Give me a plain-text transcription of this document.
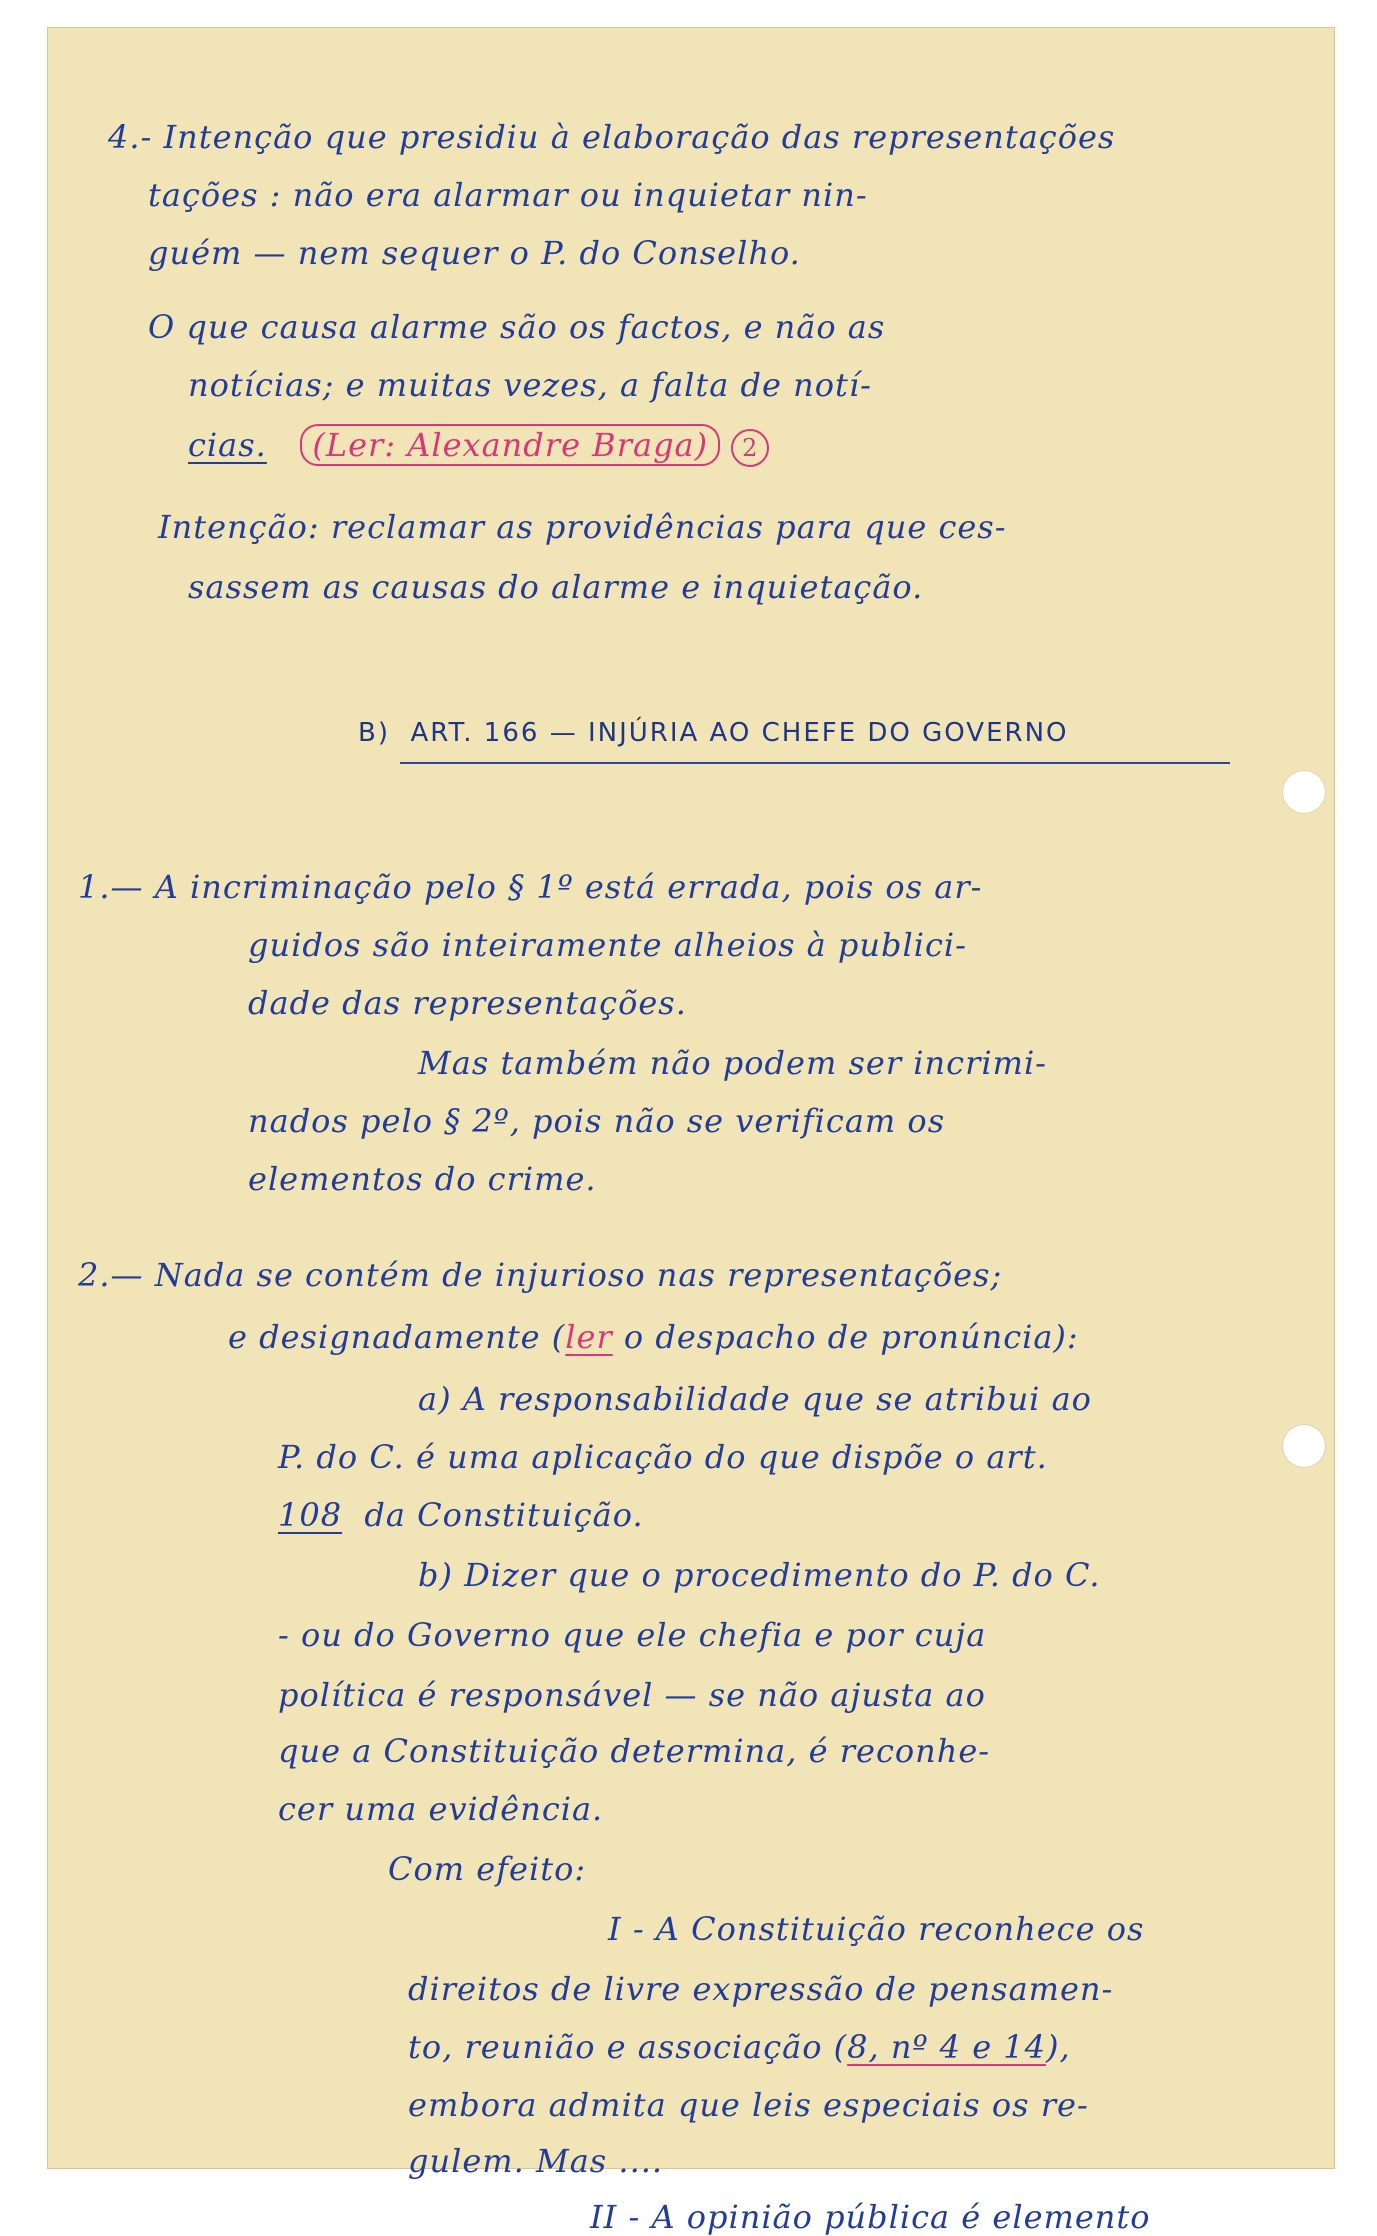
4.- Intenção que presidiu à elaboração das representações
tações : não era alarmar ou inquietar nin-
guém — nem sequer o P. do Conselho.
O que causa alarme são os factos, e não as
notícias; e muitas vezes, a falta de notí-
cias. (Ler: Alexandre Braga) 2
Intenção: reclamar as providências para que ces-
sassem as causas do alarme e inquietação.
B) ART. 166 — INJÚRIA AO CHEFE DO GOVERNO
1.— A incriminação pelo § 1º está errada, pois os ar-
guidos são inteiramente alheios à publici-
dade das representações.
Mas também não podem ser incrimi-
nados pelo § 2º, pois não se verificam os
elementos do crime.
2.— Nada se contém de injurioso nas representações;
e designadamente (ler o despacho de pronúncia):
a) A responsabilidade que se atribui ao
P. do C. é uma aplicação do que dispõe o art.
108 da Constituição.
b) Dizer que o procedimento do P. do C.
- ou do Governo que ele chefia e por cuja
política é responsável — se não ajusta ao
que a Constituição determina, é reconhe-
cer uma evidência.
Com efeito:
I - A Constituição reconhece os
direitos de livre expressão de pensamen-
to, reunião e associação (8, nº 4 e 14),
embora admita que leis especiais os re-
gulem. Mas ....
II - A opinião pública é elemento
